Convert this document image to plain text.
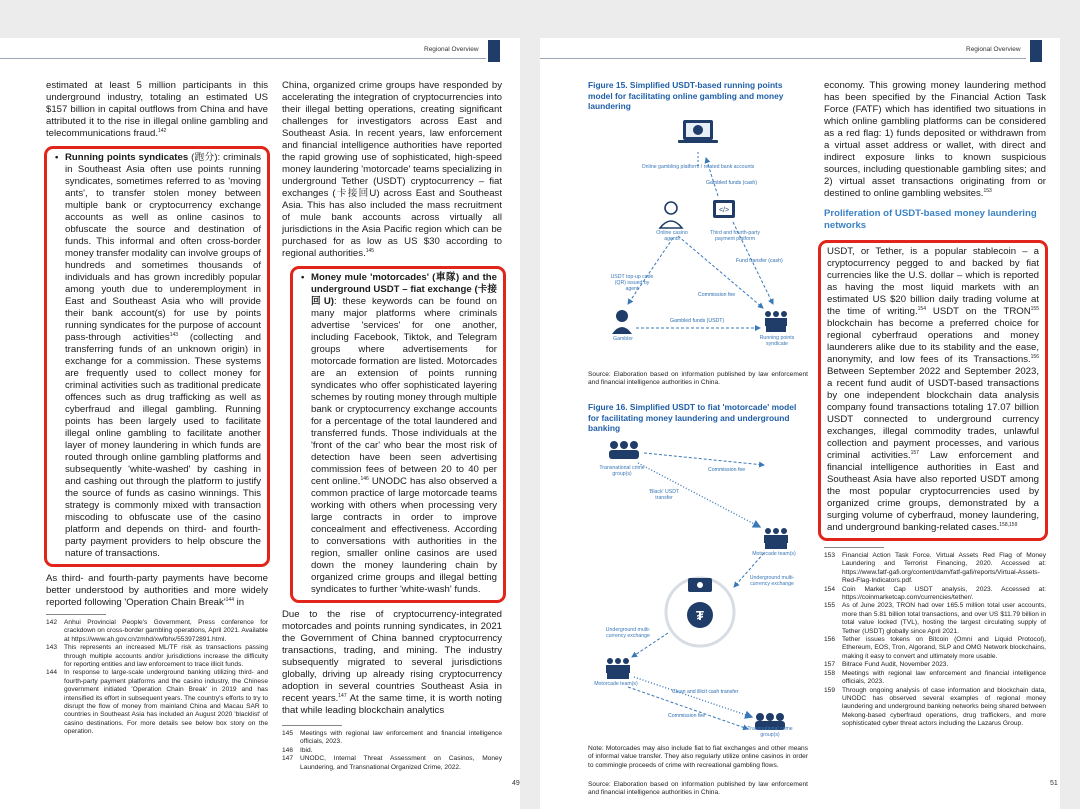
Regional Overview

estimated at least 5 million participants in this underground industry, totaling an estimated US $157 billion in capital outflows from China and have attributed it to the rise in illegal online gambling and telecommunications fraud.$^{142}$

• Running points syndicates (跑分): criminals in Southeast Asia often use points running syndicates, sometimes referred to as 'moving ants', to transfer stolen money between multiple bank or cryptocurrency exchange accounts as well as online casinos to obfuscate the source and destination of funds. This informal and often cross-border money transfer modality can involve groups of hundreds and sometimes thousands of individuals and has grown incredibly popular among youth due to underemployment in East and Southeast Asia who will provide their bank account(s) for use by points running syndicates for the purpose of account pass-through activities$^{143}$ (collecting and transferring funds of an unknown origin) in exchange for a commission. These systems are frequently used to collect money for criminal activities such as traditional predicate offences such as drug trafficking as well as cyberfraud and illegal gambling. Running points has been largely used to facilitate illegal online gambling to facilitate another layer of money laundering in which funds are routed through online gambling platforms and subsequently 'white-washed' by cashing in and cashing out through the platform to justify the source of funds as casino winnings. This strategy is commonly mixed with transaction miscoding to obfuscate use of the casino platform and depends on third- and fourth-party payment providers to help obscure the nature of transactions.

As third- and fourth-party payments have become better understood by authorities and more widely reported following 'Operation Chain $Break'^{144}$ in

142	Anhui Provincial People's Government, Press conference for crackdown on cross-border gambling operations, April 2021. Available at https://www.ah.gov.cn/zmhd/xwfbhx/553972891.html.
143	This represents an increased ML/TF risk as transactions passing through multiple accounts and/or jurisdictions increase the difficulty for reporting entities and law enforcement to trace illicit funds.
144	In response to large-scale underground banking utilizing third- and fourth-party payment platforms and the casino industry, the Chinese government initiated 'Operation Chain Break' in 2019 and has intensified its effort in subsequent years. The country's efforts to try to disrupt the flow of money from mainland China and Macau SAR to countries in Southeast Asia has included an August 2020 'blacklist' of casino destinations. For more details see below box story on the operation.

China, organized crime groups have responded by accelerating the integration of cryptocurrencies into their illegal betting operations, creating significant challenges for investigators across East and Southeast Asia. In recent years, law enforcement and financial intelligence authorities have reported the rapid growing use of sophisticated, high-speed money laundering 'motorcade' teams specializing in underground Tether (USDT) cryptocurrency – fiat exchanges (卡接回U) across East and Southeast Asia. This has also included the mass recruitment of mule bank accounts across virtually all jurisdictions in the Asia Pacific region which can be purchased for as low as US $30 according to regional authorities.$^{145}$

• Money mule 'motorcades' (車隊) and the underground USDT – fiat exchange (卡接回U): these keywords can be found on many major platforms where criminals advertise 'services' for one another, including Facebook, Tiktok, and Telegram groups where advertisements for motorcade formation are listed. Motorcades are an extension of points running syndicates who offer sophisticated layering schemes by routing money through multiple bank or cryptocurrency exchange accounts for a percentage of the total laundered and transferred funds. Those individuals at the 'front of the car' who bear the most risk of detection have been seen advertising commission fees of between 20 to 40 per cent online.$^{146}$ UNODC has also observed a common practice of large motorcade teams working with others when processing very large contracts in order to improve concealment and effectiveness. According to conversations with authorities in the region, smaller online casinos are used down the money laundering chain by organized crime groups and illegal betting syndicates to further 'white-wash' funds.

Due to the rise of cryptocurrency-integrated motorcades and points running syndicates, in 2021 the Government of China banned cryptocurrency transactions, trading, and mining. The industry subsequently migrated to several jurisdictions globally, driving up already rising cryptocurrency adoption in several countries Southeast Asia in recent years.$^{147}$ At the same time, it is worth noting that while leading blockchain analytics

145	Meetings with regional law enforcement and financial intelligence officials, 2023.
146	Ibid.
147	UNODC, Internal Threat Assessment on Casinos, Money Laundering, and Transnational Organized Crime, 2022.
49
Regional Overview
Figure 15. Simplified USDT-based running points model for facilitating online gambling and money laundering
</>
Online gambling platform / related bank accounts
Gambled funds (cash)
Online casino agents
Third and fourth-party payment platform
Fund transfer (cash)
USDT top-up code (QR) issued by agent
Commission fee
Gambler
Gambled funds (USDT)
Running points syndicate
Source: Elaboration based on information published by law enforcement and financial intelligence authorities in China.
Figure 16. Simplified USDT to fiat 'motorcade' model for facilitating money laundering and underground banking
₮
Transnational crime group(s)
Commission fee
'Black' USDT transfer
Motorcade team(s)
Underground multi-currency exchange
Underground multi-currency exchange
Motorcade team(s)
Clean and illicit cash transfer
Commission fee
Transnational crime group(s)
Note: Motorcades may also include fiat to fiat exchanges and other means of informal value transfer. They also regularly utilize online casinos in order to commingle proceeds of crime with recreational gambling flows.
Source: Elaboration based on information published by law enforcement and financial intelligence authorities in China.

economy. This growing money laundering method has been specified by the Financial Action Task Force (FATF) which has identified two situations in which online gambling platforms can be considered as a red flag: 1) funds deposited or withdrawn from a virtual asset address or wallet, with direct and indirect exposure links to known suspicious sources, including questionable gambling sites; and 2) virtual asset transactions originating from or destined to online gambling websites.$^{153}$

Proliferation of USDT-based money laundering networks
USDT, or Tether, is a popular stablecoin – a cryptocurrency pegged to and backed by fiat currencies like the U.S. dollar – which is reported as having the most liquid markets with an estimated US $20 billion daily trading volume at the time of writing.$^{154}$ USDT on the TRON$^{155}$ blockchain has become a preferred choice for regional cyberfraud operations and money launderers alike due to its stability and the ease, anonymity, and low fees of its Transactions.$^{156}$ Between September 2022 and September 2023, a recent fund audit of USDT-based transactions by one independent blockchain data analysis company found transactions totaling 17.07 billion USDT connected to underground currency exchanges, illegal commodity trades, unlawful collection and payment processes, and various criminal activities.$^{157}$ Law enforcement and financial intelligence authorities in East and Southeast Asia have also reported USDT among the most popular cryptocurrencies used by organized crime groups, demonstrated by a surging volume of cyberfraud, money laundering, and underground banking-related cases.$^{158,159}$
153	Financial Action Task Force. Virtual Assets Red Flag of Money Laundering and Terrorist Financing, 2020. Accessed at: https://www.fatf-gafi.org/content/dam/fatf-gafi/reports/Virtual-Assets-Red-Flag-Indicators.pdf.
154	Coin Market Cap USDT analysis, 2023. Accessed at: https://coinmarketcap.com/currencies/tether/.
155	As of June 2023, TRON had over 165.5 million total user accounts, more than 5.81 billion total transactions, and over US $11.79 billion in total value locked (TVL), hosting the largest circulating supply of Tether (USDT) globally since April 2021.
156	Tether issues tokens on Bitcoin (Omni and Liquid Protocol), Ethereum, EOS, Tron, Algorand, SLP and OMG Network blockchains, making it easy to convert and ultimately more usable.
157	Bitrace Fund Audit, November 2023.
158	Meetings with regional law enforcement and financial intelligence officials, 2023.
159	Through ongoing analysis of case information and blockchain data, UNODC has observed several examples of regional money laundering and underground banking networks being shared between Mekong-based cyberfraud operations, drug traffickers, and more sophisticated cyber threat actors including the Lazarus Group.
51
